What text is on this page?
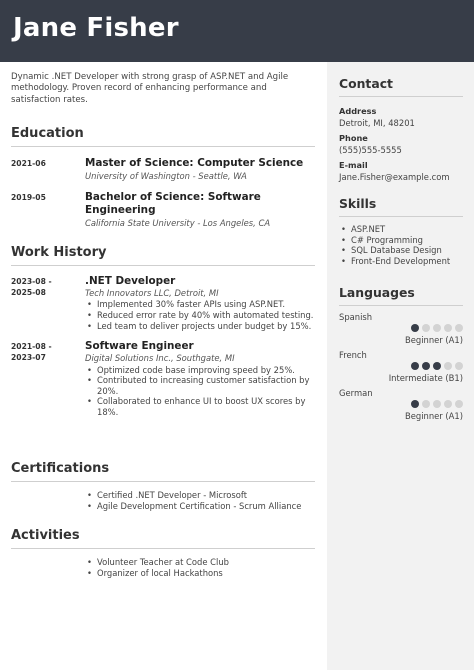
Jane Fisher

Dynamic .NET Developer with strong grasp of ASP.NET and Agile methodology. Proven record of enhancing performance and satisfaction rates.

Education
2021-06	Master of Science: Computer Science
University of Washington - Seattle, WA
2019-05	Bachelor of Science: Software Engineering
California State University - Los Angeles, CA
Work History
2023-08 -
2025-08
.NET Developer
Tech Innovators LLC, Detroit, MI
• Implemented 30% faster APIs using ASP.NET.
• Reduced error rate by 40% with automated testing.
• Led team to deliver projects under budget by 15%.
2021-08 -
2023-07
Software Engineer
Digital Solutions Inc., Southgate, MI
• Optimized code base improving speed by 25%.
• Contributed to increasing customer satisfaction by 20%.
• Collaborated to enhance UI to boost UX scores by 18%.
Certifications
• Certified .NET Developer - Microsoft
• Agile Development Certification - Scrum Alliance
Activities
• Volunteer Teacher at Code Club
• Organizer of local Hackathons
Contact
Address
Detroit, MI, 48201
Phone
(555)555-5555
E-mail
Jane.Fisher@example.com
Skills
• ASP.NET
• C# Programming
• SQL Database Design
• Front-End Development
Languages
Spanish
Beginner (A1)
French
Intermediate (B1)
German
Beginner (A1)
